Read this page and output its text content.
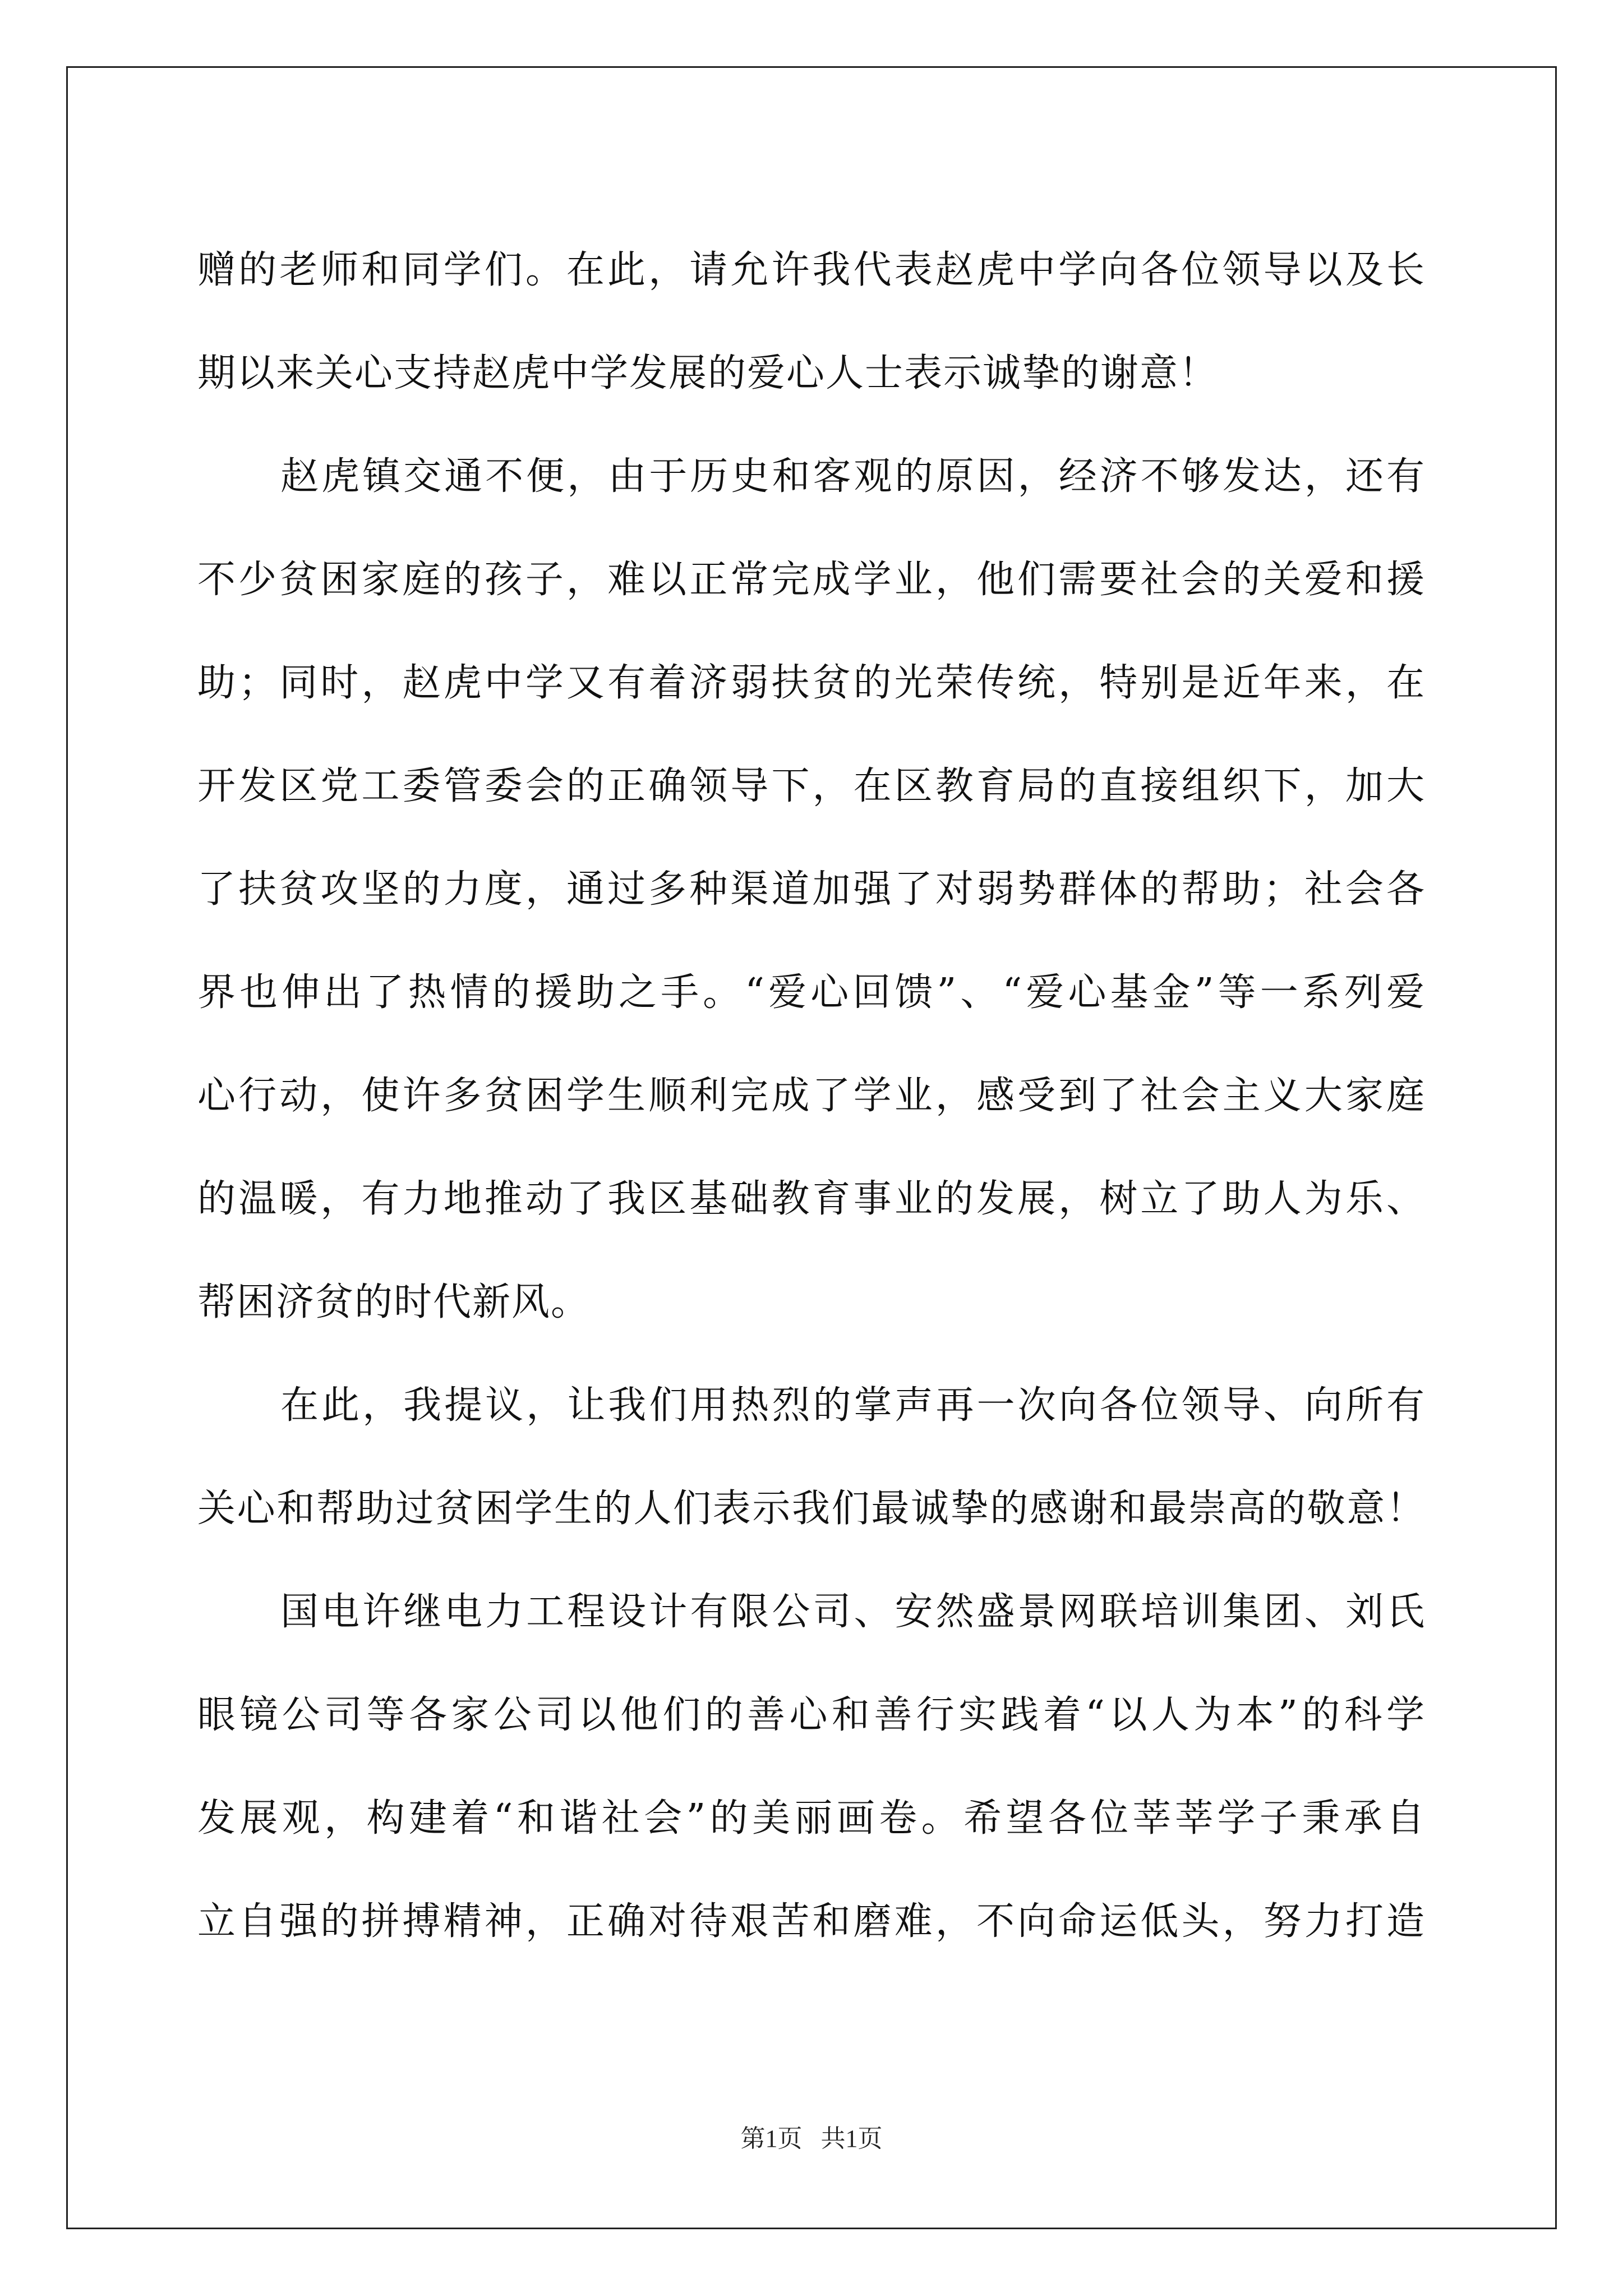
赠的老师和同学们。在此，请允许我代表赵虎中学向各位领导以及长
期以来关心支持赵虎中学发展的爱心人士表示诚挚的谢意！
赵虎镇交通不便，由于历史和客观的原因，经济不够发达，还有
不少贫困家庭的孩子，难以正常完成学业，他们需要社会的关爱和援
助；同时，赵虎中学又有着济弱扶贫的光荣传统，特别是近年来，在
开发区党工委管委会的正确领导下，在区教育局的直接组织下，加大
了扶贫攻坚的力度，通过多种渠道加强了对弱势群体的帮助；社会各
界也伸出了热情的援助之手。“爱心回馈”、“爱心基金”等一系列爱
心行动，使许多贫困学生顺利完成了学业，感受到了社会主义大家庭
的温暖，有力地推动了我区基础教育事业的发展，树立了助人为乐、
帮困济贫的时代新风。
在此，我提议，让我们用热烈的掌声再一次向各位领导、向所有
关心和帮助过贫困学生的人们表示我们最诚挚的感谢和最崇高的敬意！
国电许继电力工程设计有限公司、安然盛景网联培训集团、刘氏
眼镜公司等各家公司以他们的善心和善行实践着“以人为本”的科学
发展观，构建着“和谐社会”的美丽画卷。希望各位莘莘学子秉承自
立自强的拼搏精神，正确对待艰苦和磨难，不向命运低头，努力打造
第1页   共1页
